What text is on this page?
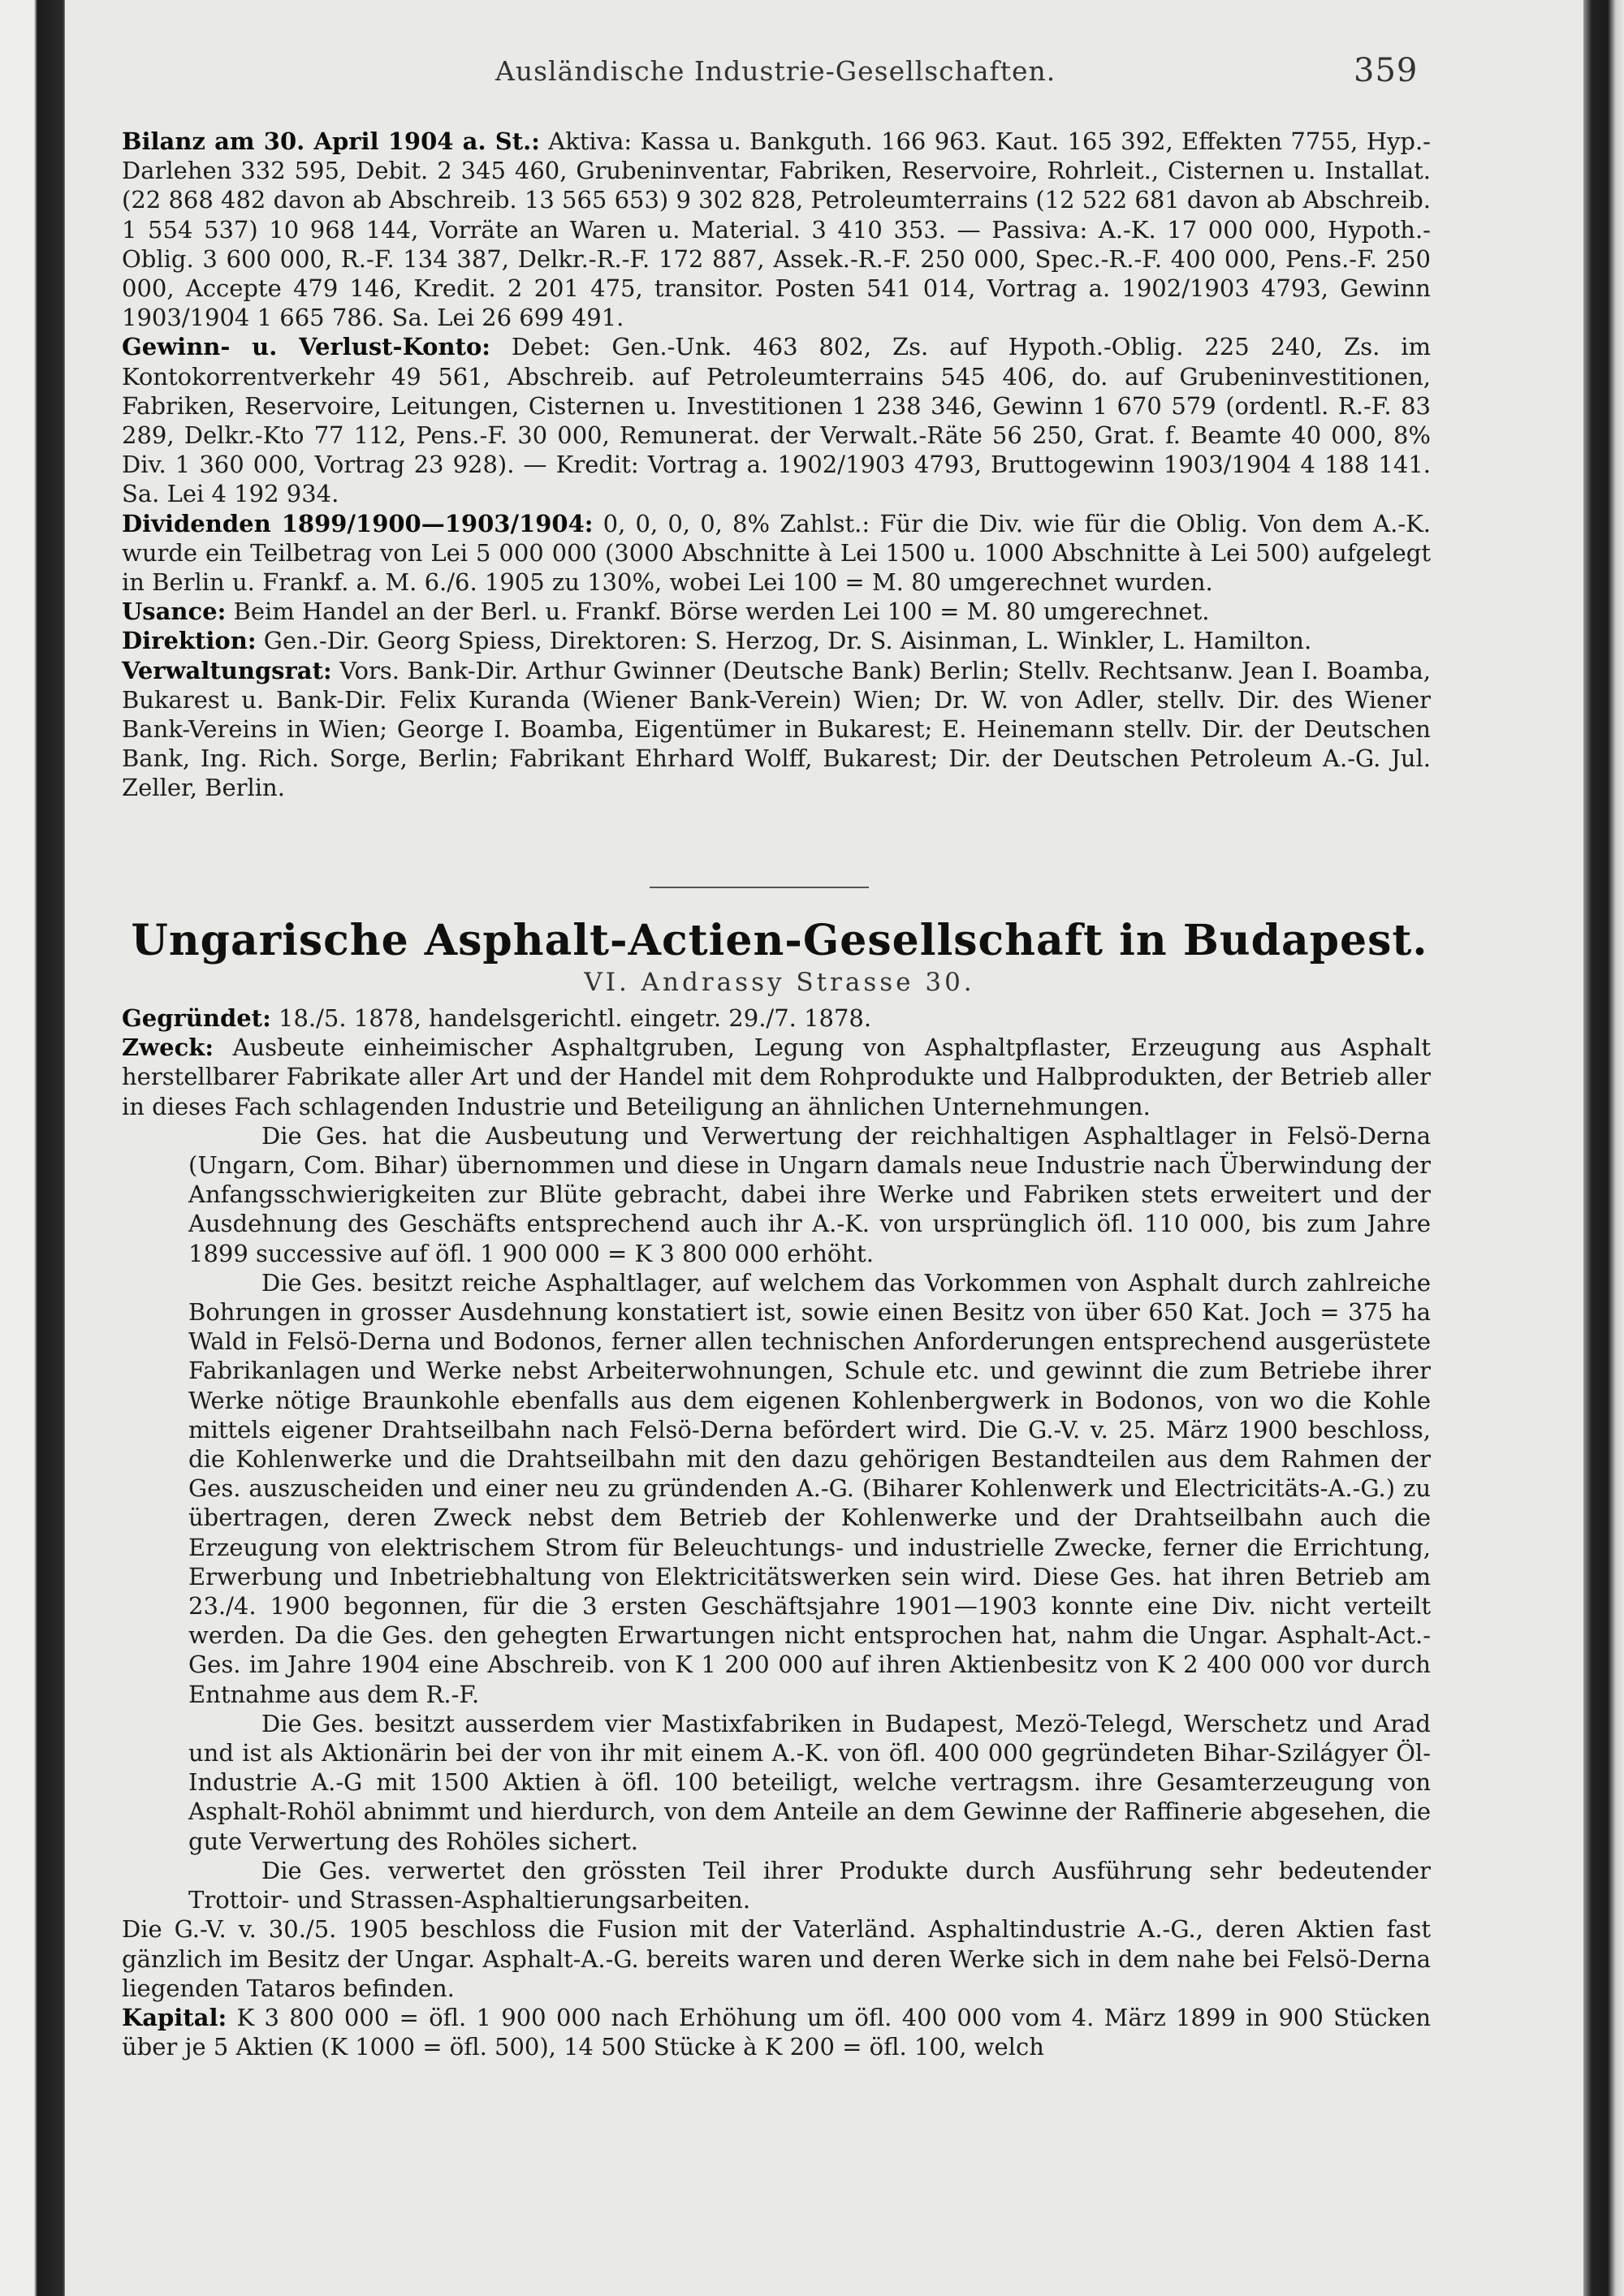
Ausländische Industrie-Gesellschaften.	359

Bilanz am 30. April 1904 a. St.: Aktiva: Kassa u. Bankguth. 166 963. Kaut. 165 392, Effekten 7755, Hyp.-Darlehen 332 595, Debit. 2 345 460, Grubeninventar, Fabriken, Reservoire, Rohrleit., Cisternen u. Installat. (22 868 482 davon ab Abschreib. 13 565 653) 9 302 828, Petroleumterrains (12 522 681 davon ab Abschreib. 1 554 537) 10 968 144, Vorräte an Waren u. Material. 3 410 353. — Passiva: A.-K. 17 000 000, Hypoth.-Oblig. 3 600 000, R.-F. 134 387, Delkr.-R.-F. 172 887, Assek.-R.-F. 250 000, Spec.-R.-F. 400 000, Pens.-F. 250 000, Accepte 479 146, Kredit. 2 201 475, transitor. Posten 541 014, Vortrag a. 1902/1903 4793, Gewinn 1903/1904 1 665 786. Sa. Lei 26 699 491.

Gewinn- u. Verlust-Konto: Debet: Gen.-Unk. 463 802, Zs. auf Hypoth.-Oblig. 225 240, Zs. im Kontokorrentverkehr 49 561, Abschreib. auf Petroleumterrains 545 406, do. auf Grubeninvestitionen, Fabriken, Reservoire, Leitungen, Cisternen u. Investitionen 1 238 346, Gewinn 1 670 579 (ordentl. R.-F. 83 289, Delkr.-Kto 77 112, Pens.-F. 30 000, Remunerat. der Verwalt.-Räte 56 250, Grat. f. Beamte 40 000, 8% Div. 1 360 000, Vortrag 23 928). — Kredit: Vortrag a. 1902/1903 4793, Bruttogewinn 1903/1904 4 188 141. Sa. Lei 4 192 934.

Dividenden 1899/1900—1903/1904: 0, 0, 0, 0, 8% Zahlst.: Für die Div. wie für die Oblig. Von dem A.-K. wurde ein Teilbetrag von Lei 5 000 000 (3000 Abschnitte à Lei 1500 u. 1000 Abschnitte à Lei 500) aufgelegt in Berlin u. Frankf. a. M. 6./6. 1905 zu 130%, wobei Lei 100 = M. 80 umgerechnet wurden.

Usance: Beim Handel an der Berl. u. Frankf. Börse werden Lei 100 = M. 80 umgerechnet.

Direktion: Gen.-Dir. Georg Spiess, Direktoren: S. Herzog, Dr. S. Aisinman, L. Winkler, L. Hamilton.

Verwaltungsrat: Vors. Bank-Dir. Arthur Gwinner (Deutsche Bank) Berlin; Stellv. Rechtsanw. Jean I. Boamba, Bukarest u. Bank-Dir. Felix Kuranda (Wiener Bank-Verein) Wien; Dr. W. von Adler, stellv. Dir. des Wiener Bank-Vereins in Wien; George I. Boamba, Eigentümer in Bukarest; E. Heinemann stellv. Dir. der Deutschen Bank, Ing. Rich. Sorge, Berlin; Fabrikant Ehrhard Wolff, Bukarest; Dir. der Deutschen Petroleum A.-G. Jul. Zeller, Berlin.

Ungarische Asphalt-Actien-Gesellschaft in Budapest.
VI. Andrassy Strasse 30.

Gegründet: 18./5. 1878, handelsgerichtl. eingetr. 29./7. 1878.

Zweck: Ausbeute einheimischer Asphaltgruben, Legung von Asphaltpflaster, Erzeugung aus Asphalt herstellbarer Fabrikate aller Art und der Handel mit dem Rohprodukte und Halbprodukten, der Betrieb aller in dieses Fach schlagenden Industrie und Beteiligung an ähnlichen Unternehmungen.

Die Ges. hat die Ausbeutung und Verwertung der reichhaltigen Asphaltlager in Felsö-Derna (Ungarn, Com. Bihar) übernommen und diese in Ungarn damals neue Industrie nach Überwindung der Anfangsschwierigkeiten zur Blüte gebracht, dabei ihre Werke und Fabriken stets erweitert und der Ausdehnung des Geschäfts entsprechend auch ihr A.-K. von ursprünglich öfl. 110 000, bis zum Jahre 1899 successive auf öfl. 1 900 000 = K 3 800 000 erhöht.

Die Ges. besitzt reiche Asphaltlager, auf welchem das Vorkommen von Asphalt durch zahlreiche Bohrungen in grosser Ausdehnung konstatiert ist, sowie einen Besitz von über 650 Kat. Joch = 375 ha Wald in Felsö-Derna und Bodonos, ferner allen technischen Anforderungen entsprechend ausgerüstete Fabrikanlagen und Werke nebst Arbeiterwohnungen, Schule etc. und gewinnt die zum Betriebe ihrer Werke nötige Braunkohle ebenfalls aus dem eigenen Kohlenbergwerk in Bodonos, von wo die Kohle mittels eigener Drahtseilbahn nach Felsö-Derna befördert wird. Die G.-V. v. 25. März 1900 beschloss, die Kohlenwerke und die Drahtseilbahn mit den dazu gehörigen Bestandteilen aus dem Rahmen der Ges. auszuscheiden und einer neu zu gründenden A.-G. (Biharer Kohlenwerk und Electricitäts-A.-G.) zu übertragen, deren Zweck nebst dem Betrieb der Kohlenwerke und der Drahtseilbahn auch die Erzeugung von elektrischem Strom für Beleuchtungs- und industrielle Zwecke, ferner die Errichtung, Erwerbung und Inbetriebhaltung von Elektricitätswerken sein wird. Diese Ges. hat ihren Betrieb am 23./4. 1900 begonnen, für die 3 ersten Geschäftsjahre 1901—1903 konnte eine Div. nicht verteilt werden. Da die Ges. den gehegten Erwartungen nicht entsprochen hat, nahm die Ungar. Asphalt-Act.-Ges. im Jahre 1904 eine Abschreib. von K 1 200 000 auf ihren Aktienbesitz von K 2 400 000 vor durch Entnahme aus dem R.-F.

Die Ges. besitzt ausserdem vier Mastixfabriken in Budapest, Mezö-Telegd, Werschetz und Arad und ist als Aktionärin bei der von ihr mit einem A.-K. von öfl. 400 000 gegründeten Bihar-Szilágyer Öl-Industrie A.-G mit 1500 Aktien à öfl. 100 beteiligt, welche vertragsm. ihre Gesamterzeugung von Asphalt-Rohöl abnimmt und hierdurch, von dem Anteile an dem Gewinne der Raffinerie abgesehen, die gute Verwertung des Rohöles sichert.

Die Ges. verwertet den grössten Teil ihrer Produkte durch Ausführung sehr bedeutender Trottoir- und Strassen-Asphaltierungsarbeiten.

Die G.-V. v. 30./5. 1905 beschloss die Fusion mit der Vaterländ. Asphaltindustrie A.-G., deren Aktien fast gänzlich im Besitz der Ungar. Asphalt-A.-G. bereits waren und deren Werke sich in dem nahe bei Felsö-Derna liegenden Tataros befinden.

Kapital: K 3 800 000 = öfl. 1 900 000 nach Erhöhung um öfl. 400 000 vom 4. März 1899 in 900 Stücken über je 5 Aktien (K 1000 = öfl. 500), 14 500 Stücke à K 200 = öfl. 100, welch
